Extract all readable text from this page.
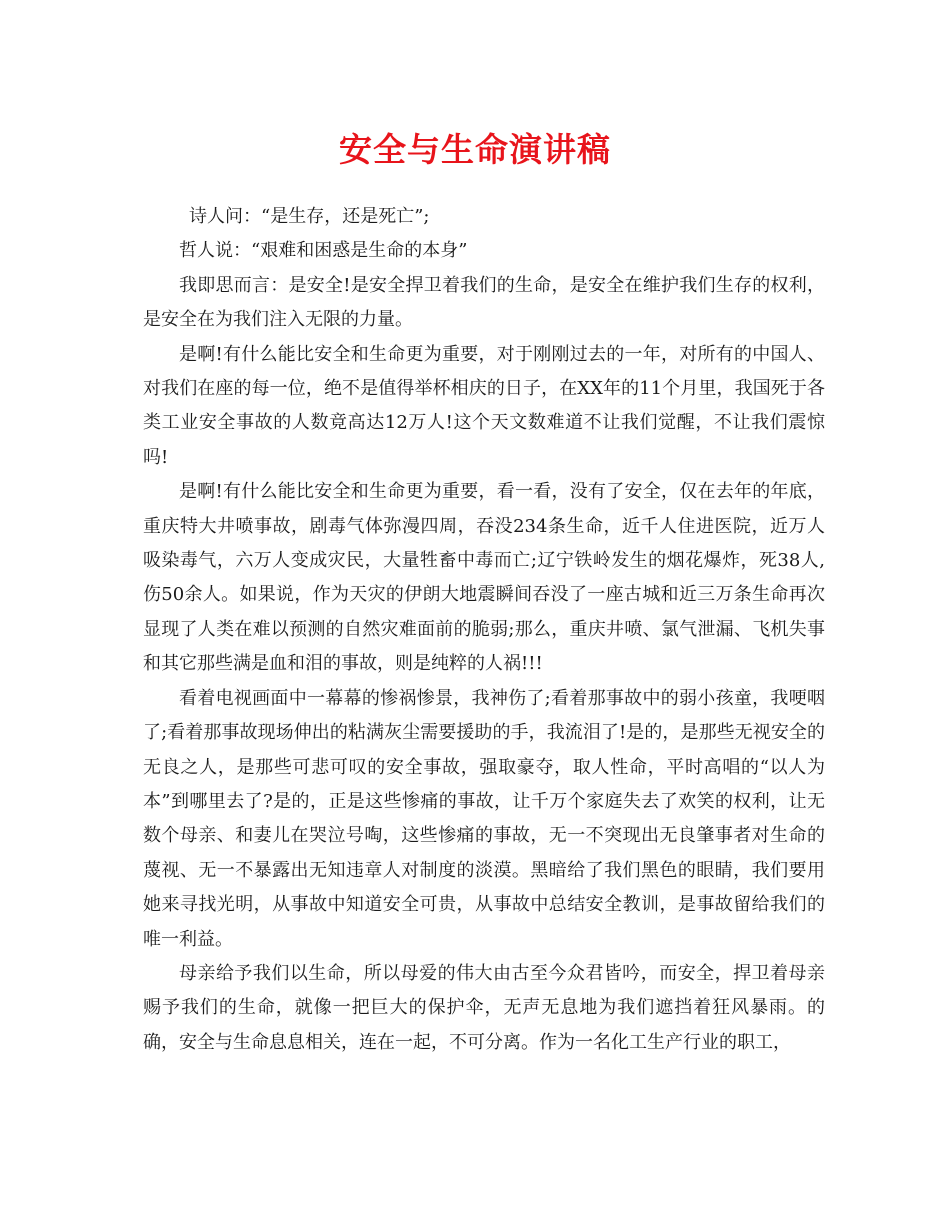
安全与生命演讲稿

诗人问：“是生存，还是死亡”;

哲人说：“艰难和困惑是生命的本身”

我即思而言：是安全!是安全捍卫着我们的生命，是安全在维护我们生存的权利，是安全在为我们注入无限的力量。

是啊!有什么能比安全和生命更为重要，对于刚刚过去的一年，对所有的中国人、对我们在座的每一位，绝不是值得举杯相庆的日子，在XX年的11个月里，我国死于各类工业安全事故的人数竟高达12万人!这个天文数难道不让我们觉醒，不让我们震惊吗!

是啊!有什么能比安全和生命更为重要，看一看，没有了安全，仅在去年的年底，重庆特大井喷事故，剧毒气体弥漫四周，吞没234条生命，近千人住进医院，近万人吸染毒气，六万人变成灾民，大量牲畜中毒而亡;辽宁铁岭发生的烟花爆炸，死38人,伤50余人。如果说，作为天灾的伊朗大地震瞬间吞没了一座古城和近三万条生命再次显现了人类在难以预测的自然灾难面前的脆弱;那么，重庆井喷、氯气泄漏、飞机失事和其它那些满是血和泪的事故，则是纯粹的人祸!!!

看着电视画面中一幕幕的惨祸惨景，我神伤了;看着那事故中的弱小孩童，我哽咽了;看着那事故现场伸出的粘满灰尘需要援助的手，我流泪了!是的，是那些无视安全的无良之人，是那些可悲可叹的安全事故，强取豪夺，取人性命，平时高唱的“以人为本”到哪里去了?是的，正是这些惨痛的事故，让千万个家庭失去了欢笑的权利，让无数个母亲、和妻儿在哭泣号啕，这些惨痛的事故，无一不突现出无良肇事者对生命的蔑视、无一不暴露出无知违章人对制度的淡漠。黑暗给了我们黑色的眼睛，我们要用她来寻找光明，从事故中知道安全可贵，从事故中总结安全教训，是事故留给我们的唯一利益。

母亲给予我们以生命，所以母爱的伟大由古至今众君皆吟，而安全，捍卫着母亲赐予我们的生命，就像一把巨大的保护伞，无声无息地为我们遮挡着狂风暴雨。的确，安全与生命息息相关，连在一起，不可分离。作为一名化工生产行业的职工，
